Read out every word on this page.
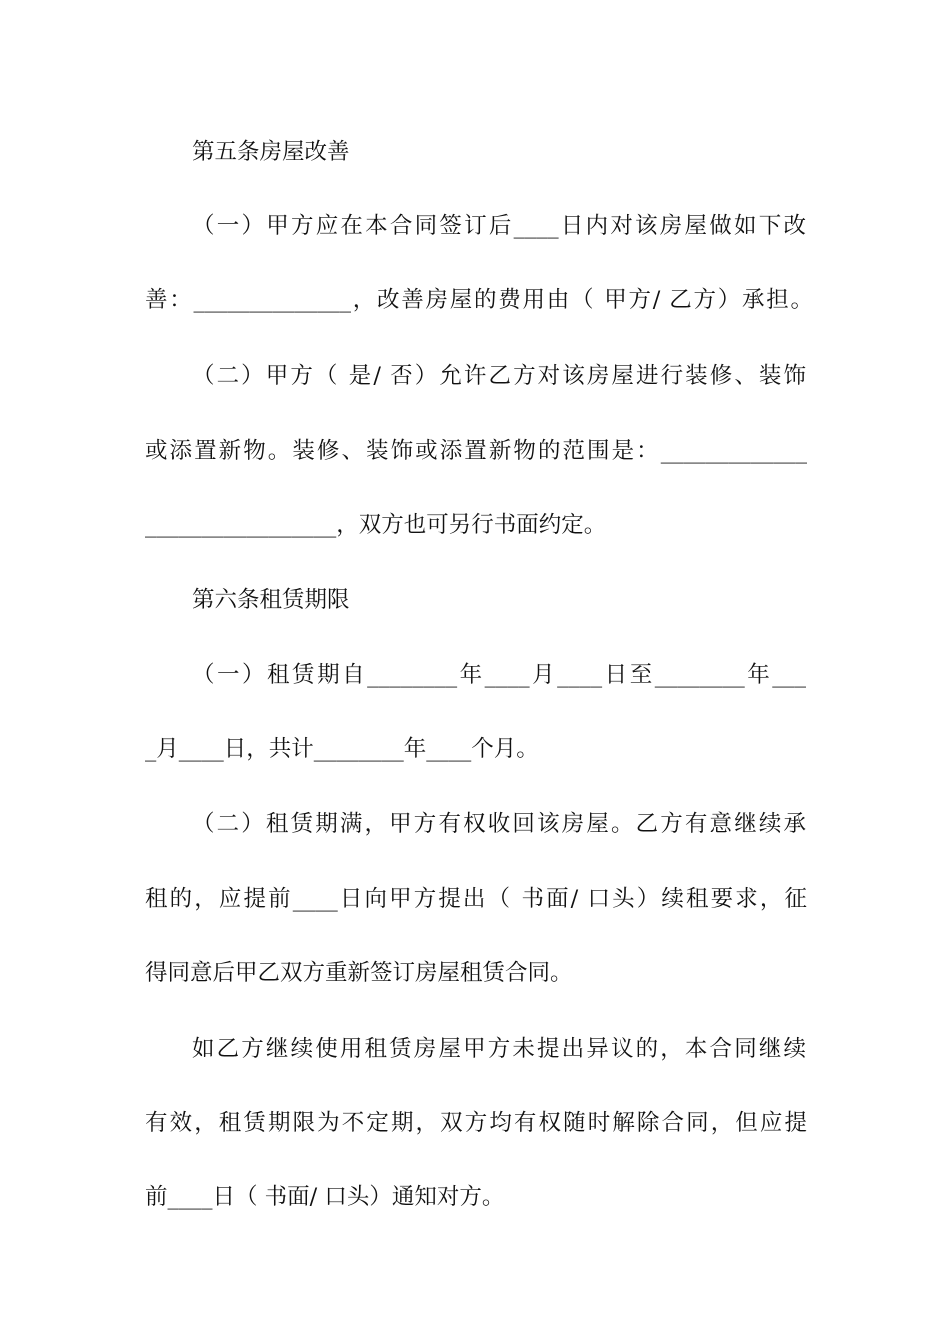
第五条房屋改善
（一）甲方应在本合同签订后____日内对该房屋做如下改
善：______________，改善房屋的费用由（ 甲方/ 乙方）承担。
（二）甲方（ 是/ 否）允许乙方对该房屋进行装修、装饰
或添置新物。装修、装饰或添置新物的范围是：_____________
_________________，双方也可另行书面约定。
第六条租赁期限
（一）租赁期自________年____月____日至________年___
_月____日，共计________年____个月。
（二）租赁期满，甲方有权收回该房屋。乙方有意继续承
租的，应提前____日向甲方提出（ 书面/ 口头）续租要求，征
得同意后甲乙双方重新签订房屋租赁合同。
如乙方继续使用租赁房屋甲方未提出异议的，本合同继续
有效，租赁期限为不定期，双方均有权随时解除合同，但应提
前____日（ 书面/ 口头）通知对方。
